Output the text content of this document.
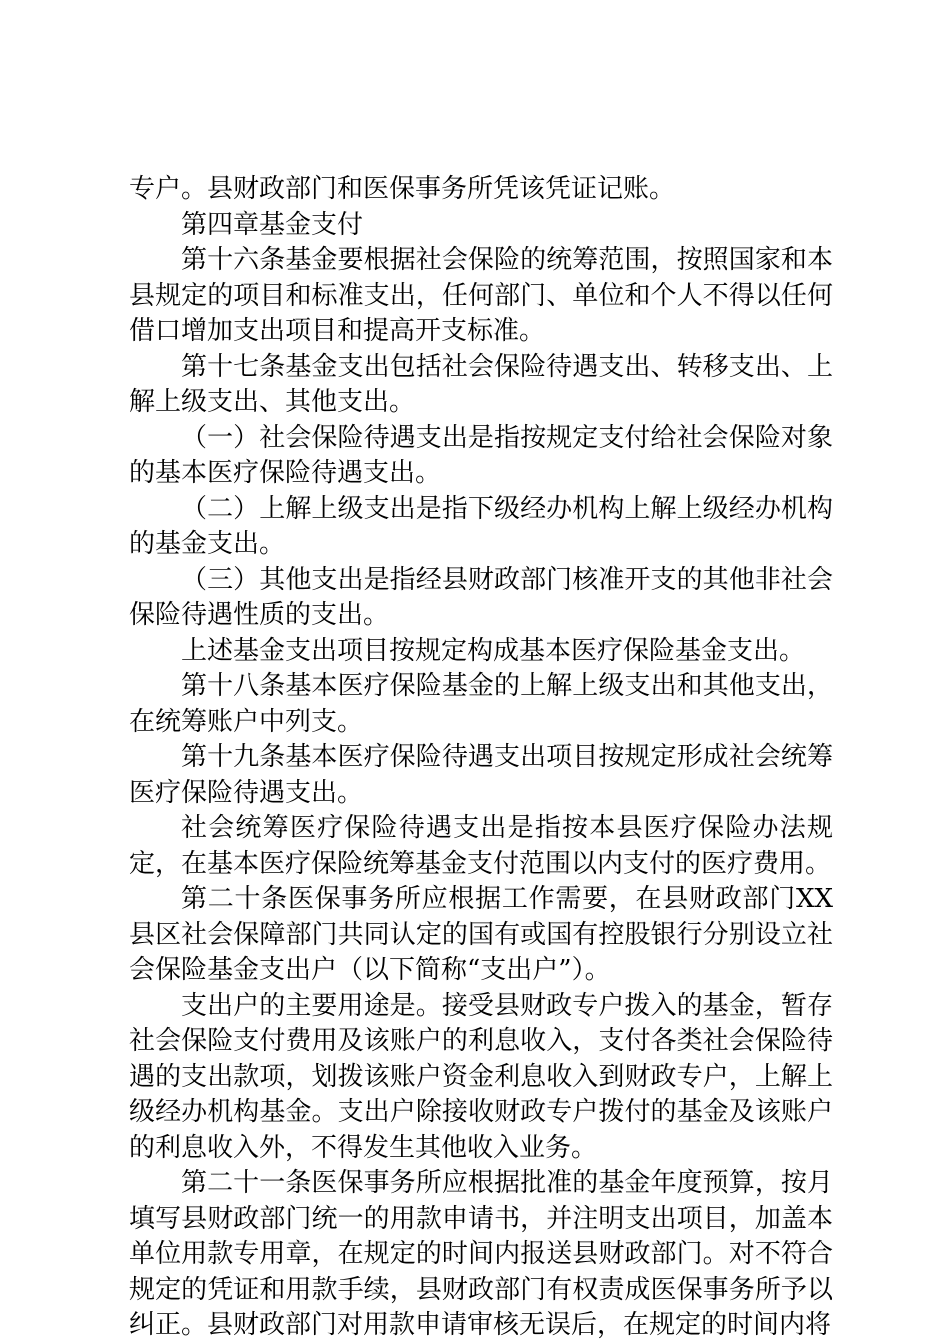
专户。县财政部门和医保事务所凭该凭证记账。

第四章基金支付

第十六条基金要根据社会保险的统筹范围，按照国家和本县规定的项目和标准支出，任何部门、单位和个人不得以任何借口增加支出项目和提高开支标准。

第十七条基金支出包括社会保险待遇支出、转移支出、上解上级支出、其他支出。

（一）社会保险待遇支出是指按规定支付给社会保险对象的基本医疗保险待遇支出。

（二）上解上级支出是指下级经办机构上解上级经办机构的基金支出。

（三）其他支出是指经县财政部门核准开支的其他非社会保险待遇性质的支出。

上述基金支出项目按规定构成基本医疗保险基金支出。

第十八条基本医疗保险基金的上解上级支出和其他支出，在统筹账户中列支。

第十九条基本医疗保险待遇支出项目按规定形成社会统筹医疗保险待遇支出。

社会统筹医疗保险待遇支出是指按本县医疗保险办法规定，在基本医疗保险统筹基金支付范围以内支付的医疗费用。

第二十条医保事务所应根据工作需要，在县财政部门XX县区社会保障部门共同认定的国有或国有控股银行分别设立社会保险基金支出户（以下简称“支出户”）。

支出户的主要用途是。接受县财政专户拨入的基金，暂存社会保险支付费用及该账户的利息收入，支付各类社会保险待遇的支出款项，划拨该账户资金利息收入到财政专户，上解上级经办机构基金。支出户除接收财政专户拨付的基金及该账户的利息收入外，不得发生其他收入业务。

第二十一条医保事务所应根据批准的基金年度预算，按月填写县财政部门统一的用款申请书，并注明支出项目，加盖本单位用款专用章，在规定的时间内报送县财政部门。对不符合规定的凭证和用款手续，县财政部门有权责成医保事务所予以纠正。县财政部门对用款申请审核无误后，在规定的时间内将
